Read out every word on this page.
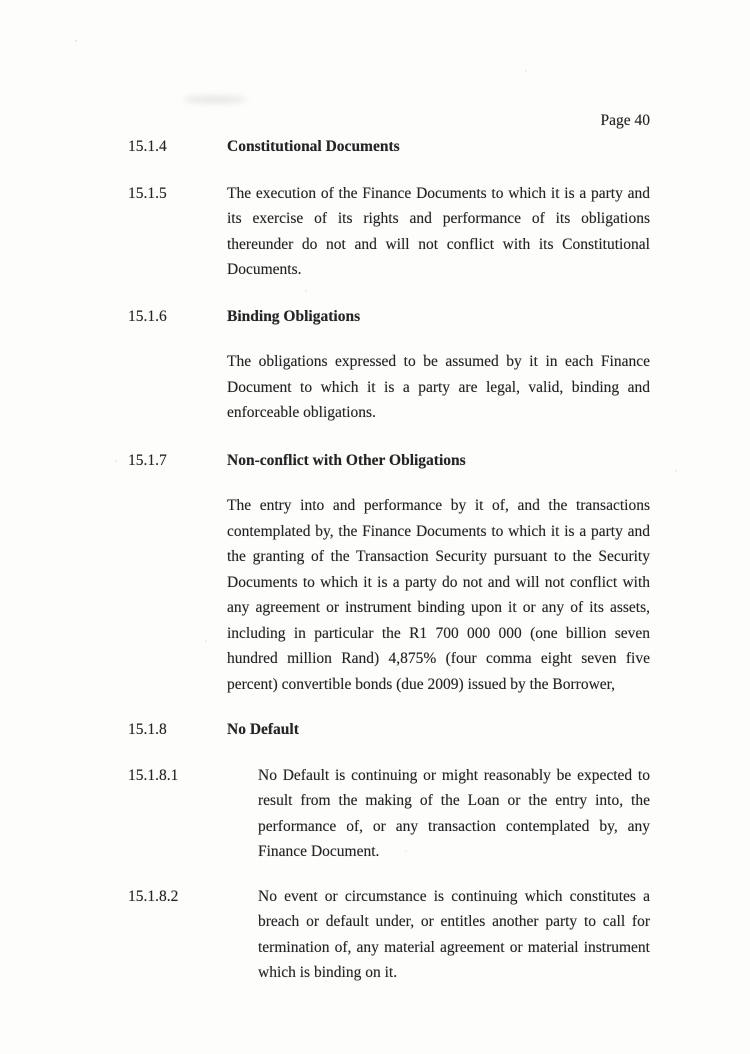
Page 40
15.1.4	Constitutional Documents
15.1.5	The execution of the Finance Documents to which it is a party and its exercise of its rights and performance of its obligations thereunder do not and will not conflict with its Constitutional Documents.
15.1.6	Binding Obligations
The obligations expressed to be assumed by it in each Finance Document to which it is a party are legal, valid, binding and enforceable obligations.
15.1.7	Non-conflict with Other Obligations
The entry into and performance by it of, and the transactions contemplated by, the Finance Documents to which it is a party and the granting of the Transaction Security pursuant to the Security Documents to which it is a party do not and will not conflict with any agreement or instrument binding upon it or any of its assets, including in particular the R1 700 000 000 (one billion seven hundred million Rand) 4,875% (four comma eight seven five percent) convertible bonds (due 2009) issued by the Borrower,
15.1.8	No Default
15.1.8.1	No Default is continuing or might reasonably be expected to result from the making of the Loan or the entry into, the performance of, or any transaction contemplated by, any Finance Document.
15.1.8.2	No event or circumstance is continuing which constitutes a breach or default under, or entitles another party to call for termination of, any material agreement or material instrument which is binding on it.
